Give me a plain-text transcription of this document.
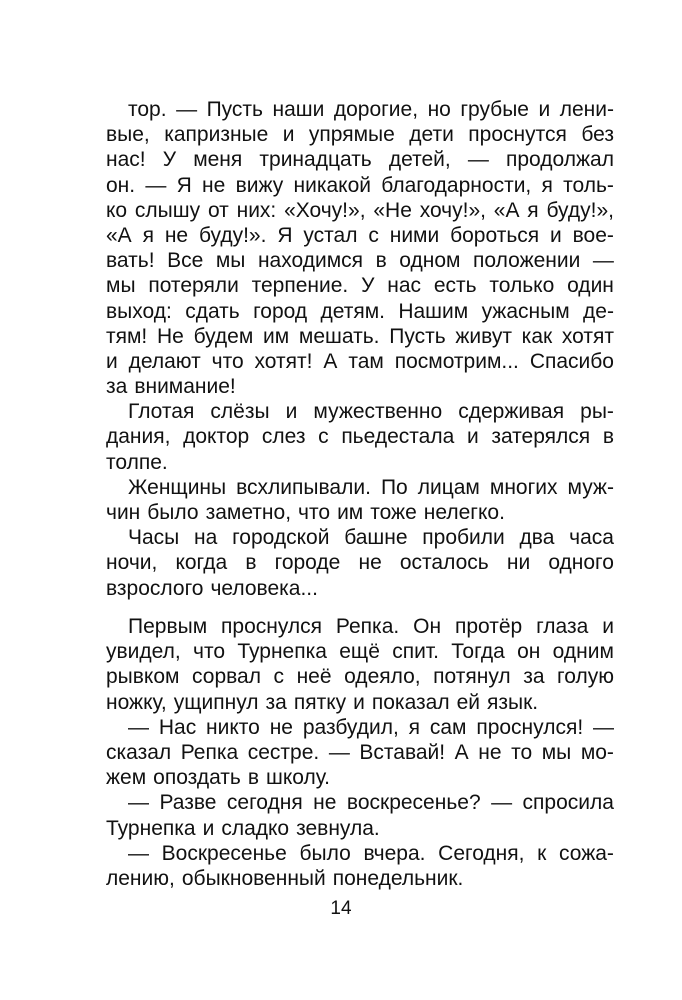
тор. — Пусть наши дорогие, но грубые и лени-
вые, капризные и упрямые дети проснутся без
нас! У меня тринадцать детей, — продолжал
он. — Я не вижу никакой благодарности, я толь-
ко слышу от них: «Хочу!», «Не хочу!», «А я буду!»,
«А я не буду!». Я устал с ними бороться и вое-
вать! Все мы находимся в одном положении —
мы потеряли терпение. У нас есть только один
выход: сдать город детям. Нашим ужасным де-
тям! Не будем им мешать. Пусть живут как хотят
и делают что хотят! А там посмотрим... Спасибо
за внимание!
Глотая слёзы и мужественно сдерживая ры-
дания, доктор слез с пьедестала и затерялся в
толпе.
Женщины всхлипывали. По лицам многих муж-
чин было заметно, что им тоже нелегко.
Часы на городской башне пробили два часа
ночи, когда в городе не осталось ни одного
взрослого человека...
Первым проснулся Репка. Он протёр глаза и
увидел, что Турнепка ещё спит. Тогда он одним
рывком сорвал с неё одеяло, потянул за голую
ножку, ущипнул за пятку и показал ей язык.
— Нас никто не разбудил, я сам проснулся! —
сказал Репка сестре. — Вставай! А не то мы мо-
жем опоздать в школу.
— Разве сегодня не воскресенье? — спросила
Турнепка и сладко зевнула.
— Воскресенье было вчера. Сегодня, к сожа-
лению, обыкновенный понедельник.
14
